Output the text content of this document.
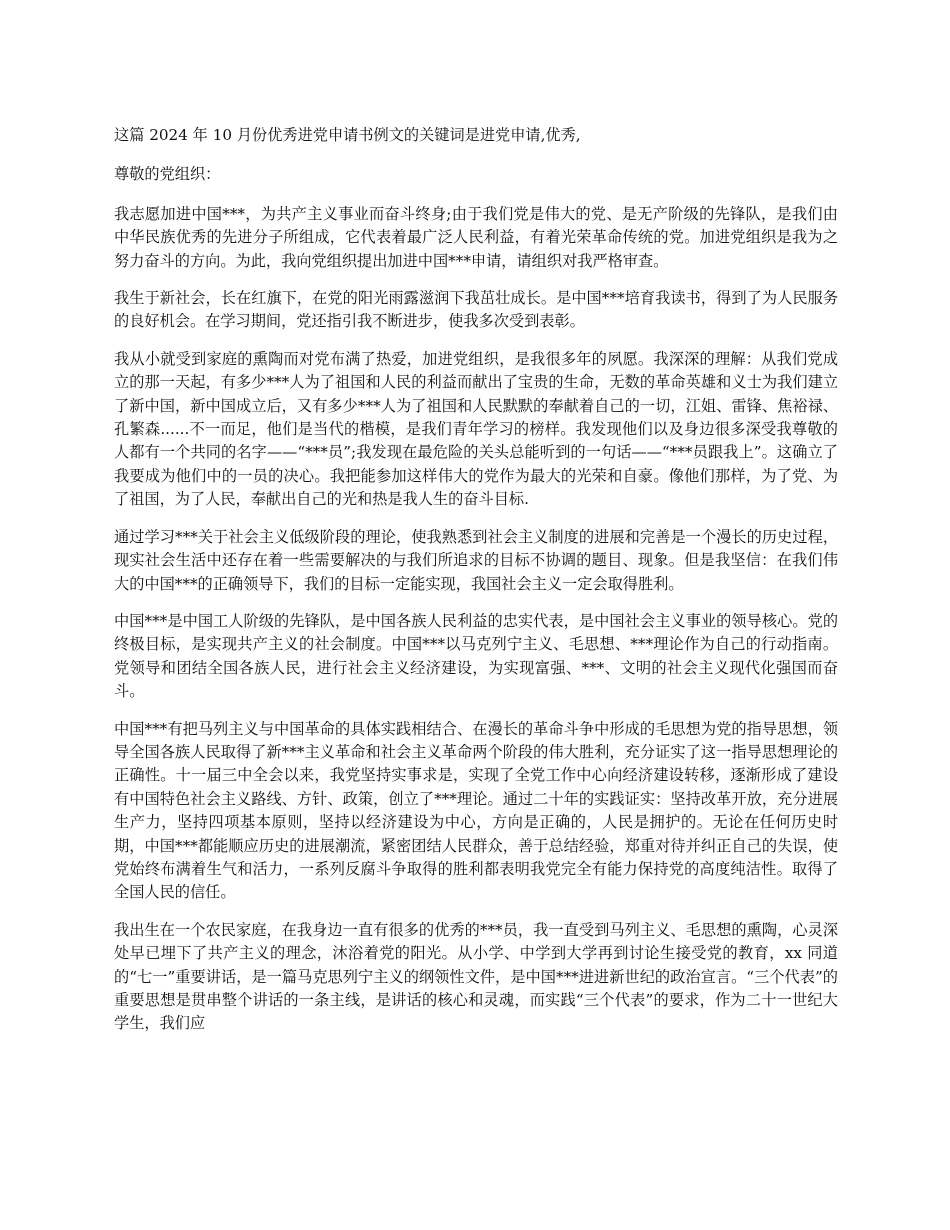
这篇 2024 年 10 月份优秀进党申请书例文的关键词是进党申请,优秀,

尊敬的党组织：

我志愿加进中国***，为共产主义事业而奋斗终身;由于我们党是伟大的党、是无产阶级的先锋队，是我们由中华民族优秀的先进分子所组成，它代表着最广泛人民利益，有着光荣革命传统的党。加进党组织是我为之努力奋斗的方向。为此，我向党组织提出加进中国***申请，请组织对我严格审查。

我生于新社会，长在红旗下，在党的阳光雨露滋润下我茁壮成长。是中国***培育我读书，得到了为人民服务的良好机会。在学习期间，党还指引我不断进步，使我多次受到表彰。

我从小就受到家庭的熏陶而对党布满了热爱，加进党组织，是我很多年的夙愿。我深深的理解：从我们党成立的那一天起，有多少***人为了祖国和人民的利益而献出了宝贵的生命，无数的革命英雄和义士为我们建立了新中国，新中国成立后，又有多少***人为了祖国和人民默默的奉献着自己的一切，江姐、雷锋、焦裕禄、孔繁森......不一而足，他们是当代的楷模，是我们青年学习的榜样。我发现他们以及身边很多深受我尊敬的人都有一个共同的名字——“***员”;我发现在最危险的关头总能听到的一句话——“***员跟我上”。这确立了我要成为他们中的一员的决心。我把能参加这样伟大的党作为最大的光荣和自豪。像他们那样，为了党、为了祖国，为了人民，奉献出自己的光和热是我人生的奋斗目标.

通过学习***关于社会主义低级阶段的理论，使我熟悉到社会主义制度的进展和完善是一个漫长的历史过程，现实社会生活中还存在着一些需要解决的与我们所追求的目标不协调的题目、现象。但是我坚信：在我们伟大的中国***的正确领导下，我们的目标一定能实现，我国社会主义一定会取得胜利。

中国***是中国工人阶级的先锋队，是中国各族人民利益的忠实代表，是中国社会主义事业的领导核心。党的终极目标，是实现共产主义的社会制度。中国***以马克列宁主义、毛思想、***理论作为自己的行动指南。党领导和团结全国各族人民，进行社会主义经济建设，为实现富强、***、文明的社会主义现代化强国而奋斗。

中国***有把马列主义与中国革命的具体实践相结合、在漫长的革命斗争中形成的毛思想为党的指导思想，领导全国各族人民取得了新***主义革命和社会主义革命两个阶段的伟大胜利，充分证实了这一指导思想理论的正确性。十一届三中全会以来，我党坚持实事求是，实现了全党工作中心向经济建设转移，逐渐形成了建设有中国特色社会主义路线、方针、政策，创立了***理论。通过二十年的实践证实：坚持改革开放，充分进展生产力，坚持四项基本原则，坚持以经济建设为中心，方向是正确的，人民是拥护的。无论在任何历史时期，中国***都能顺应历史的进展潮流，紧密团结人民群众，善于总结经验，郑重对待并纠正自己的失误，使党始终布满着生气和活力，一系列反腐斗争取得的胜利都表明我党完全有能力保持党的高度纯洁性。取得了全国人民的信任。

我出生在一个农民家庭，在我身边一直有很多的优秀的***员，我一直受到马列主义、毛思想的熏陶，心灵深处早已埋下了共产主义的理念，沐浴着党的阳光。从小学、中学到大学再到讨论生接受党的教育，xx 同道的“七一”重要讲话，是一篇马克思列宁主义的纲领性文件，是中国***进进新世纪的政治宣言。“三个代表”的重要思想是贯串整个讲话的一条主线，是讲话的核心和灵魂，而实践“三个代表”的要求，作为二十一世纪大学生，我们应
